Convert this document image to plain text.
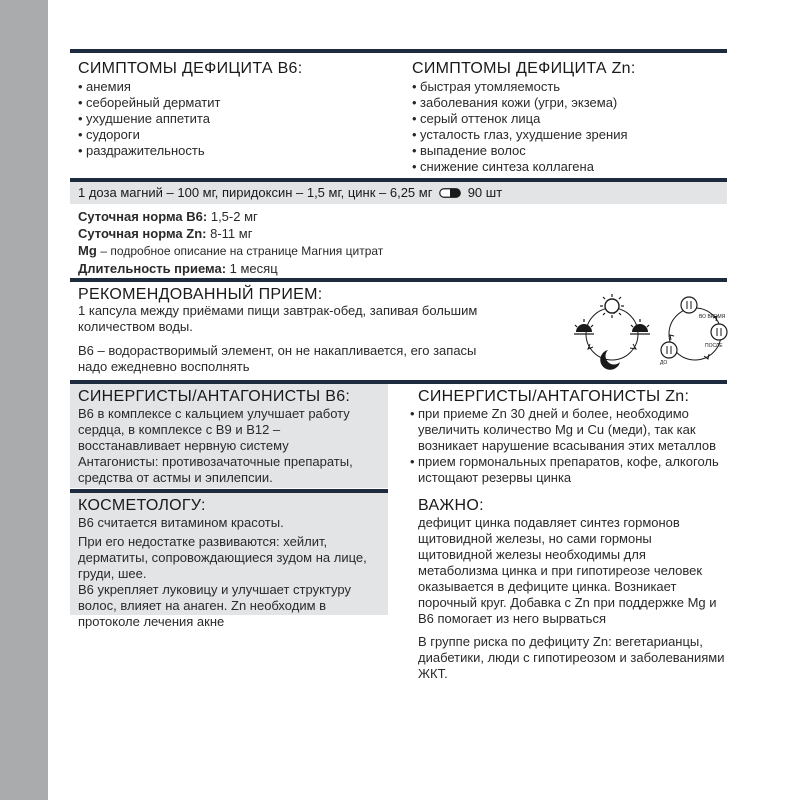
СИМПТОМЫ ДЕФИЦИТА B6:
• анемия
• себорейный дерматит
• ухудшение аппетита
• судороги
• раздражительность
СИМПТОМЫ ДЕФИЦИТА Zn:
• быстрая утомляемость
• заболевания кожи (угри, экзема)
• серый оттенок лица
• усталость глаз, ухудшение зрения
• выпадение волос
• снижение синтеза коллагена
1 доза магний – 100 мг, пиридоксин – 1,5 мг, цинк – 6,25 мг	90 шт
Суточная норма B6: 1,5-2 мг
Суточная норма Zn: 8-11 мг
Mg – подробное описание на странице Магния цитрат
Длительность приема: 1 месяц
РЕКОМЕНДОВАННЫЙ ПРИЕМ:

1 капсула между приёмами пищи завтрак-обед, запивая большим количеством воды.

B6 – водорастворимый элемент, он не накапливается, его запасы надо ежедневно восполнять

ВО ВРЕМЯ
ДО
ПОСЛЕ
СИНЕРГИСТЫ/АНТАГОНИСТЫ B6:

B6 в комплексе с кальцием улучшает работу сердца, в комплексе с B9 и B12 – восстанавливает нервную систему

Антагонисты: противозачаточные препараты, средства от астмы и эпилепсии.

СИНЕРГИСТЫ/АНТАГОНИСТЫ Zn:
• при приеме Zn 30 дней и более, необходимо увеличить количество Mg и Cu (меди), так как возникает нарушение всасывания этих металлов
• прием гормональных препаратов, кофе, алкоголь истощают резервы цинка
КОСМЕТОЛОГУ:

B6 считается витамином красоты.

При его недостатке развиваются: хейлит, дерматиты, сопровождающиеся зудом на лице, груди, шее.

B6 укрепляет луковицу и улучшает структуру волос, влияет на анаген. Zn необходим в протоколе лечения акне

ВАЖНО:

дефицит цинка подавляет синтез гормонов щитовидной железы, но сами гормоны щитовидной железы необходимы для метаболизма цинка и при гипотиреозе человек оказывается в дефиците цинка. Возникает порочный круг. Добавка с Zn при поддержке Mg и B6 помогает из него вырваться

В группе риска по дефициту Zn: вегетарианцы, диабетики, люди с гипотиреозом и заболеваниями ЖКТ.
